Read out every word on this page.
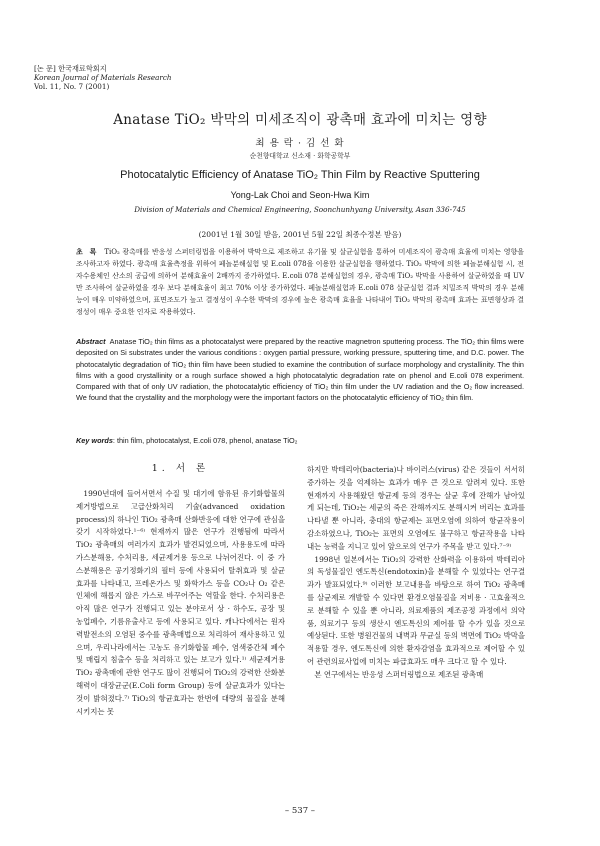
[논 문] 한국재료학회지
Korean Journal of Materials Research
Vol. 11, No. 7 (2001)
Anatase TiO₂ 박막의 미세조직이 광촉매 효과에 미치는 영향
최 용 락 · 김 선 화
순천향대학교 신소재 · 화학공학부
Photocatalytic Efficiency of Anatase TiO₂ Thin Film by Reactive Sputtering
Yong-Lak Choi and Seon-Hwa Kim
Division of Materials and Chemical Engineering, Soonchunhyang University, Asan 336-745
(2001년 1월 30일 받음, 2001년 5월 22일 최종수정본 받음)
초 록 TiO₂ 광촉매를 반응성 스퍼터링법을 이용하여 박막으로 제조하고 유기물 및 살균실험을 통하여 미세조직이 광촉매 효율에 미치는 영향을 조사하고자 하였다. 광촉매 효율측정을 위하여 페놀분해실험 및 E.coli 078을 이용한 살균실험을 행하였다. TiO₂ 박막에 의한 페놀분해실험 시, 전자수용체인 산소의 공급에 의하여 분해효율이 2배까지 증가하였다. E.coli 078 분해실험의 경우, 광촉매 TiO₂ 박막을 사용하여 살균하였을 때 UV만 조사하여 살균하였을 경우 보다 분해효율이 최고 70% 이상 증가하였다. 페놀분해실험과 E.coli 078 살균실험 결과 치밀조직 박막의 경우 분해능이 매우 미약하였으며, 표면조도가 높고 결정성이 우수한 박막의 경우에 높은 광촉매 효율을 나타내어 TiO₂ 박막의 광촉매 효과는 표면형상과 결정성이 매우 중요한 인자로 작용하였다.
Abstract Anatase TiO₂ thin films as a photocatalyst were prepared by the reactive magnetron sputtering process. The TiO₂ thin films were deposited on Si substrates under the various conditions : oxygen partial pressure, working pressure, sputtering time, and D.C. power. The photocatalytic degradation of TiO₂ thin film have been studied to examine the contribution of surface morphology and crystallinity. The thin films with a good crystallinity or a rough surface showed a high photocatalytic degradation rate on phenol and E.coli 078 experiment. Compared with that of only UV radiation, the photocatalytic efficiency of TiO₂ thin film under the UV radiation and the O₂ flow increased. We found that the crystallity and the morphology were the important factors on the photocatalytic efficiency of TiO₂ thin film.
Key words: thin film, photocatalyst, E.coli 078, phenol, anatase TiO₂
1. 서 론

1990년대에 들어서면서 수질 및 대기에 함유된 유기화합물의 제거방법으로 고급산화처리 기술(advanced oxidation process)의 하나인 TiO₂ 광촉매 산화반응에 대한 연구에 관심을 갖기 시작하였다.¹⁻⁶⁾ 현재까지 많은 연구가 진행됨에 따라서 TiO₂ 광촉매의 여러가지 효과가 발견되었으며, 사용용도에 따라 가스분해용, 수처리용, 세균제거용 등으로 나뉘어진다. 이 중 가스분해용은 공기정화기의 필터 등에 사용되어 탈취효과 및 살균효과를 나타내고, 프레온가스 및 화학가스 등을 CO₂나 O₂ 같은 인체에 해롭지 않은 가스로 바꾸어주는 역할을 한다. 수처리용은 아직 많은 연구가 진행되고 있는 분야로서 상 · 하수도, 공장 및 농업폐수, 기름유출사고 등에 사용되고 있다. 캐나다에서는 원자력발전소의 오염된 중수를 광촉매법으로 처리하여 재사용하고 있으며, 우리나라에서는 고농도 유기화합물 폐수, 염색중간체 폐수 및 매립지 침출수 등을 처리하고 있는 보고가 있다.¹⁾ 세균제거용 TiO₂ 광촉매에 관한 연구도 많이 진행되어 TiO₂의 강력한 산화분해력이 대장균군(E.Coli form Group) 등에 살균효과가 있다는 것이 밝혀졌다.⁷⁾ TiO₂의 항균효과는 한번에 대량의 물질을 분해시키지는 못

하지만 박테리아(bacteria)나 바이러스(virus) 같은 것들이 서서히 증가하는 것을 억제하는 효과가 매우 큰 것으로 알려져 있다. 또한 현재까지 사용해왔던 항균제 등의 경우는 살균 후에 잔해가 남아있게 되는데, TiO₂는 세균의 죽은 잔해까지도 분해시켜 버리는 효과를 나타낼 뿐 아니라, 충대의 항균제는 표면오염에 의하여 항균작용이 감소하였으나, TiO₂는 표면의 오염에도 불구하고 항균작용을 나타내는 능력을 지니고 있어 앞으로의 연구가 주목을 받고 있다.⁷⁻⁹⁾

1998년 일본에서는 TiO₂의 강력한 산화력을 이용하여 박테리아의 독성물질인 엔도톡신(endotoxin)을 분해할 수 있었다는 연구결과가 발표되었다.⁹⁾ 이러한 보고내용을 바탕으로 하여 TiO₂ 광촉매를 살균제로 개발할 수 있다면 환경오염물질을 저비용 · 고효율적으로 분해할 수 있을 뿐 아니라, 의료제품의 제조공정 과정에서 의약품, 의료기구 등의 생산시 엔도톡신의 제어를 할 수가 있을 것으로 예상된다. 또한 병원건물의 내벽과 무균실 등의 벽면에 TiO₂ 박막을 적용할 경우, 엔도톡신에 의한 환자감염을 효과적으로 제어할 수 있어 관련의료사업에 미치는 파급효과도 매우 크다고 할 수 있다.

본 연구에서는 반응성 스퍼터링법으로 제조된 광촉매

– 537 –
